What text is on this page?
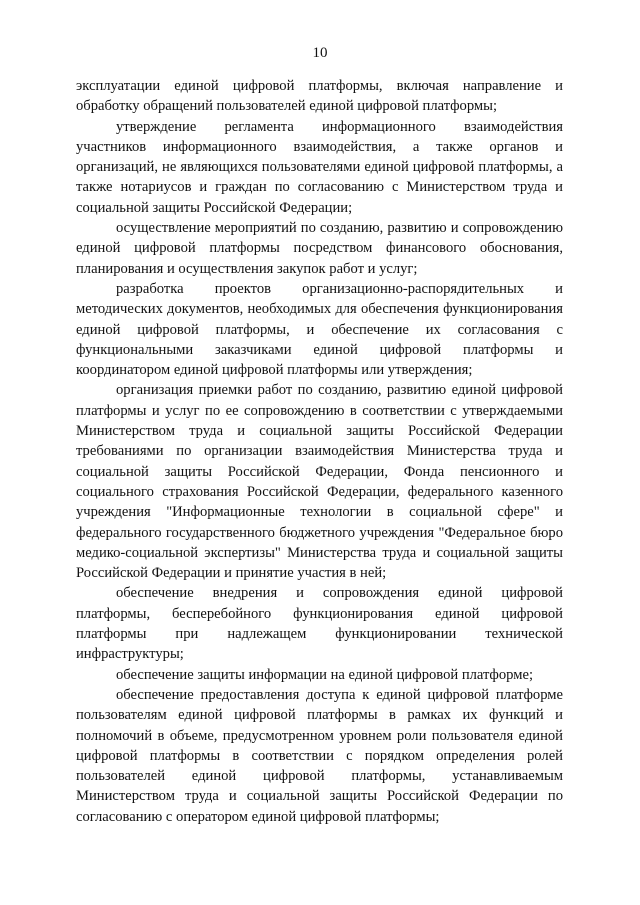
10

эксплуатации единой цифровой платформы, включая направление и обработку обращений пользователей единой цифровой платформы;

утверждение регламента информационного взаимодействия участников информационного взаимодействия, а также органов и организаций, не являющихся пользователями единой цифровой платформы, а также нотариусов и граждан по согласованию с Министерством труда и социальной защиты Российской Федерации;

осуществление мероприятий по созданию, развитию и сопровождению единой цифровой платформы посредством финансового обоснования, планирования и осуществления закупок работ и услуг;

разработка проектов организационно-распорядительных и методических документов, необходимых для обеспечения функционирования единой цифровой платформы, и обеспечение их согласования с функциональными заказчиками единой цифровой платформы и координатором единой цифровой платформы или утверждения;

организация приемки работ по созданию, развитию единой цифровой платформы и услуг по ее сопровождению в соответствии с утверждаемыми Министерством труда и социальной защиты Российской Федерации требованиями по организации взаимодействия Министерства труда и социальной защиты Российской Федерации, Фонда пенсионного и социального страхования Российской Федерации, федерального казенного учреждения "Информационные технологии в социальной сфере" и федерального государственного бюджетного учреждения "Федеральное бюро медико-социальной экспертизы" Министерства труда и социальной защиты Российской Федерации и принятие участия в ней;

обеспечение внедрения и сопровождения единой цифровой платформы, бесперебойного функционирования единой цифровой платформы при надлежащем функционировании технической инфраструктуры;

обеспечение защиты информации на единой цифровой платформе;

обеспечение предоставления доступа к единой цифровой платформе пользователям единой цифровой платформы в рамках их функций и полномочий в объеме, предусмотренном уровнем роли пользователя единой цифровой платформы в соответствии с порядком определения ролей пользователей единой цифровой платформы, устанавливаемым Министерством труда и социальной защиты Российской Федерации по согласованию с оператором единой цифровой платформы;
